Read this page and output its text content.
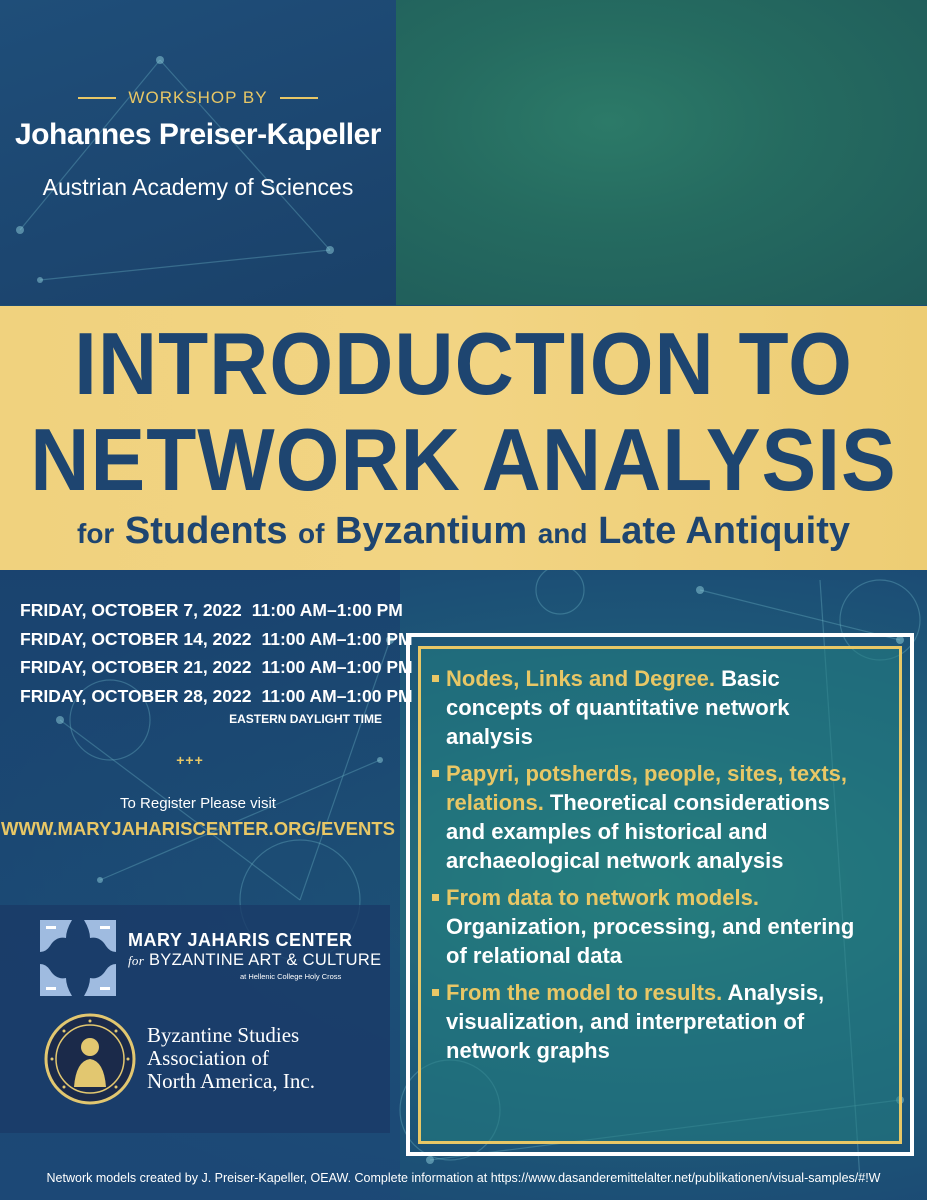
WORKSHOP BY
Johannes Preiser-Kapeller
Austrian Academy of Sciences
INTRODUCTION TO
NETWORK ANALYSIS
for Students of Byzantium and Late Antiquity
FRIDAY, OCTOBER 7, 2022 11:00 AM–1:00 PM
FRIDAY, OCTOBER 14, 2022 11:00 AM–1:00 PM
FRIDAY, OCTOBER 21, 2022 11:00 AM–1:00 PM
FRIDAY, OCTOBER 28, 2022 11:00 AM–1:00 PM
EASTERN DAYLIGHT TIME
+++
To Register Please visit
WWW.MARYJAHARISCENTER.ORG/EVENTS
MARY JAHARIS CENTER
for BYZANTINE ART & CULTURE
at Hellenic College Holy Cross
Byzantine Studies
Association of
North America, Inc.
Nodes, Links and Degree. Basic concepts of quantitative network analysis
Papyri, potsherds, people, sites, texts, relations. Theoretical considerations and examples of historical and archaeological network analysis
From data to network models. Organization, processing, and entering of relational data
From the model to results. Analysis, visualization, and interpretation of network graphs
Network models created by J. Preiser-Kapeller, OEAW. Complete information at https://www.dasanderemittelalter.net/publikationen/visual-samples/#!W
